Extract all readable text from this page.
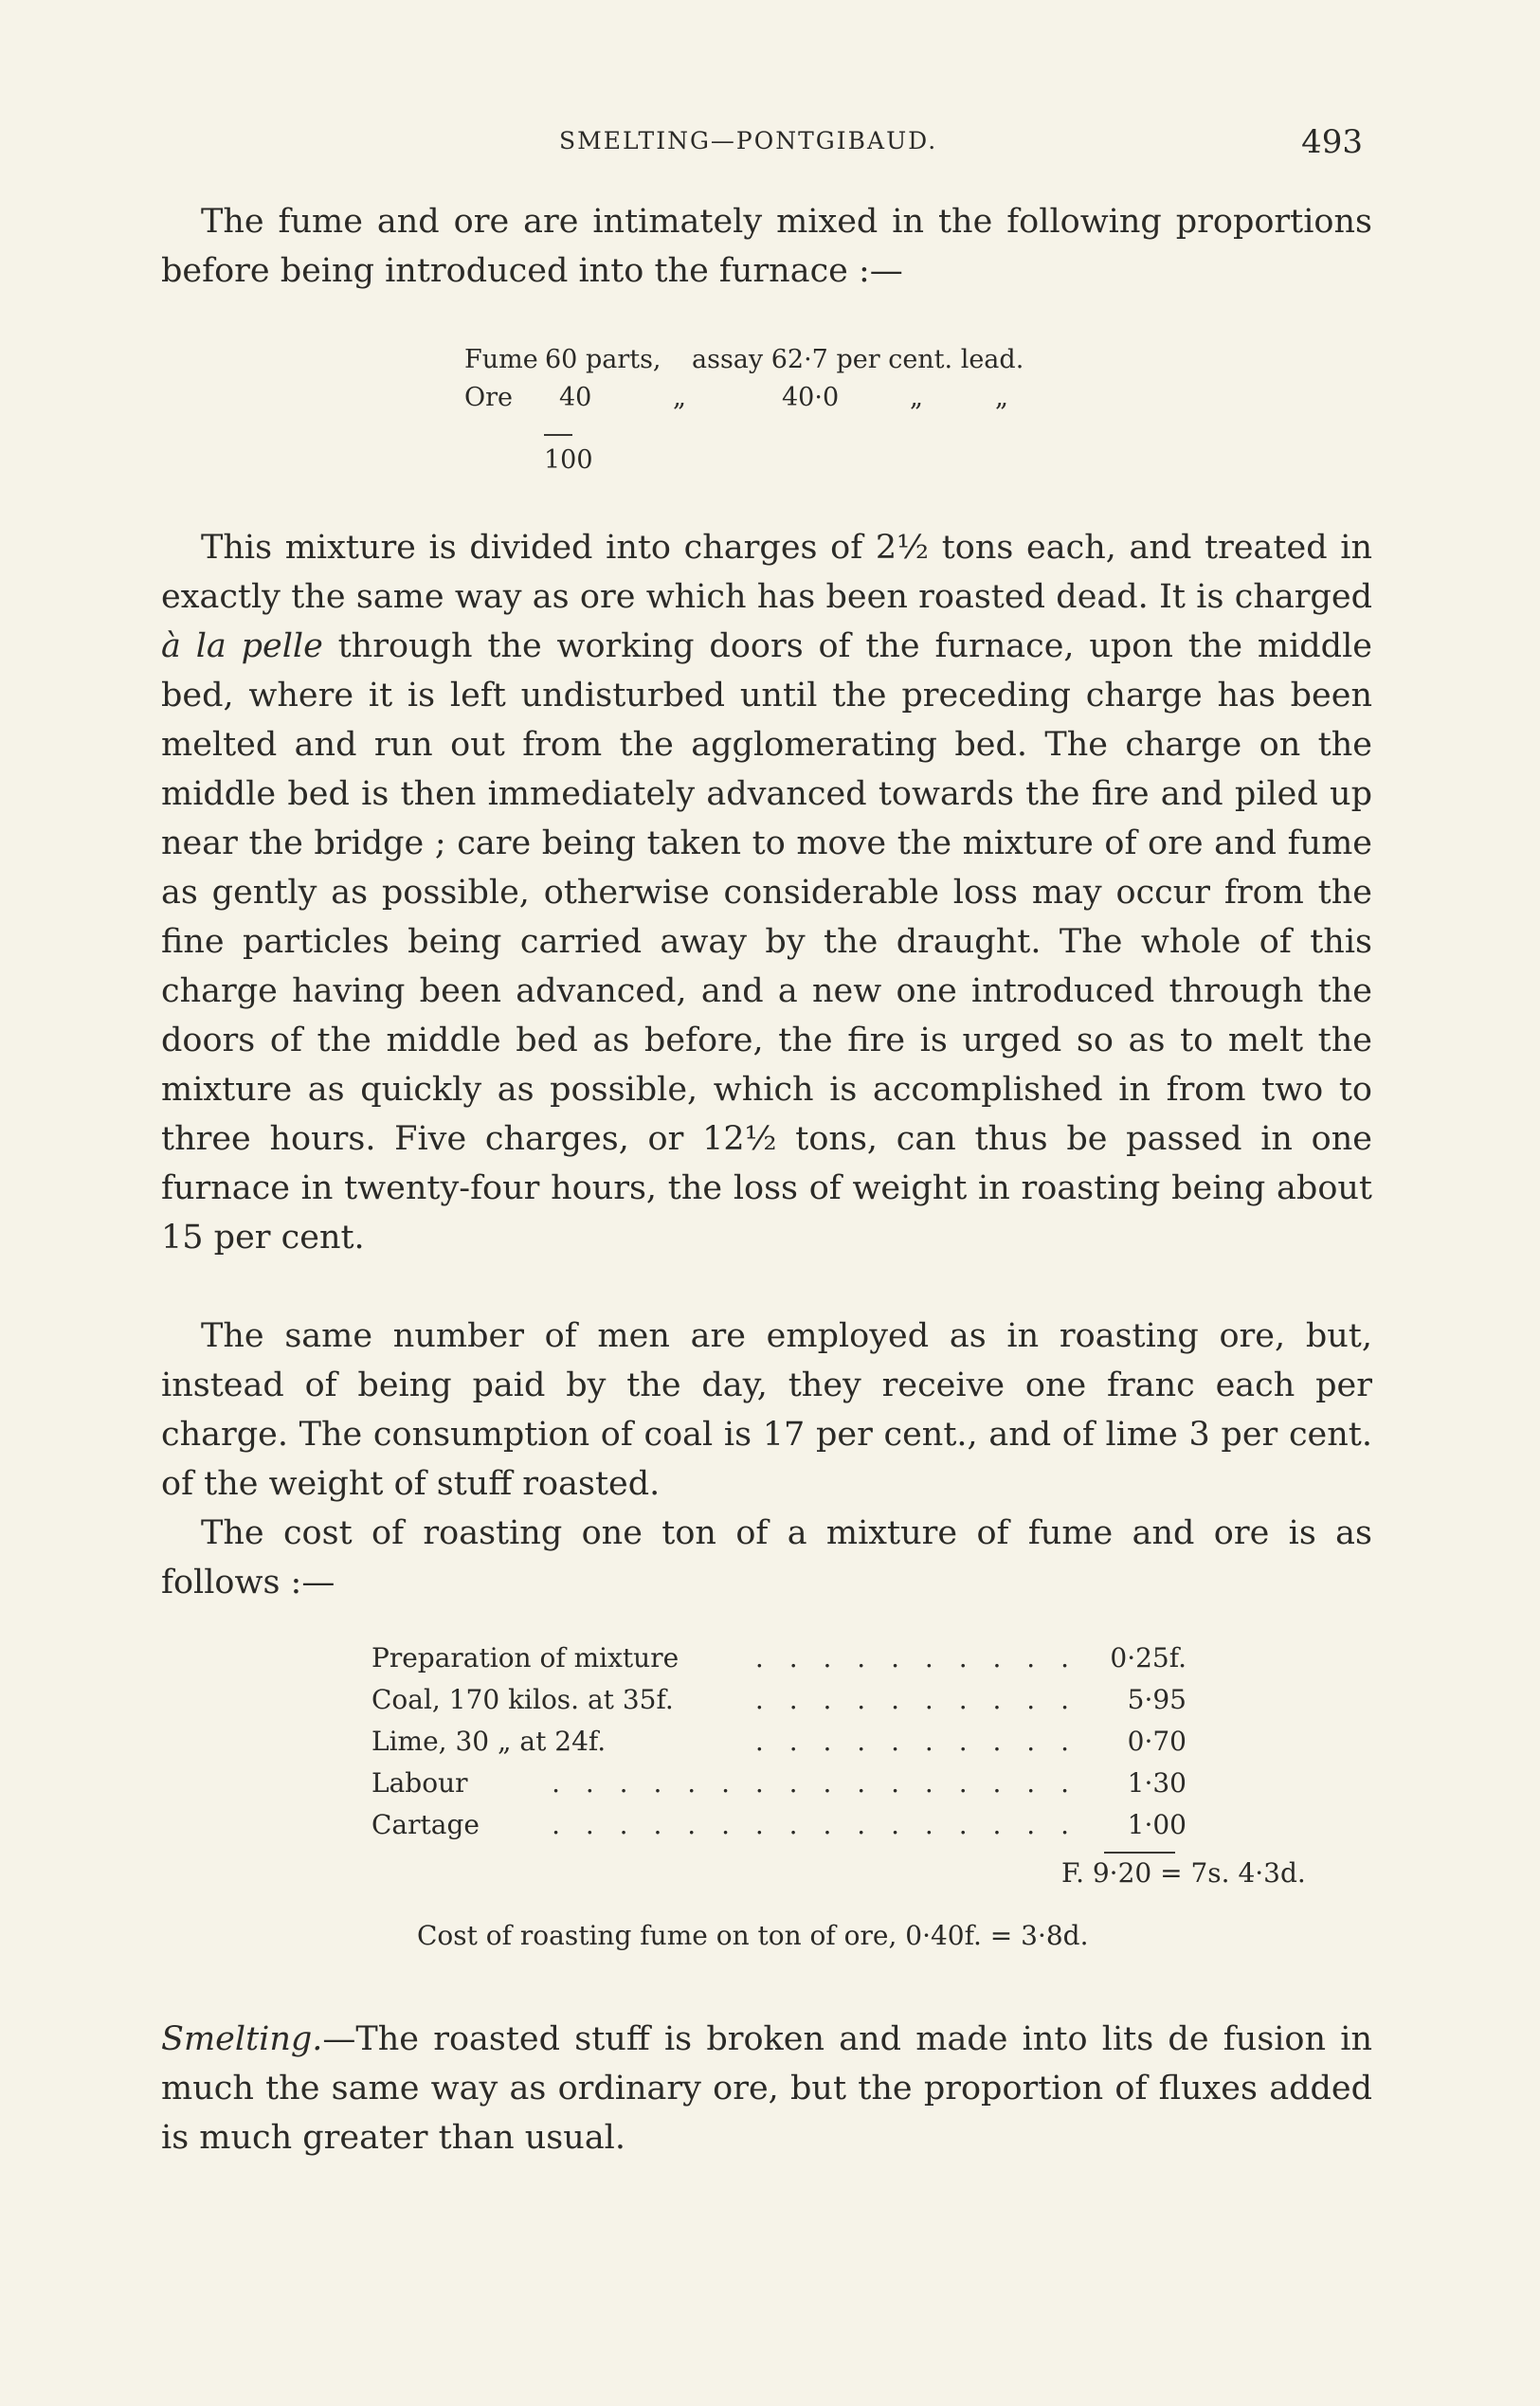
SMELTING—PONTGIBAUD.	493

The fume and ore are intimately mixed in the following proportions before being introduced into the furnace :—

Fume 60 parts, assay 62·7 per cent. lead.
Ore 40	„	40·0	„	„
100

This mixture is divided into charges of 2½ tons each, and treated in exactly the same way as ore which has been roasted dead. It is charged à la pelle through the working doors of the furnace, upon the middle bed, where it is left undisturbed until the preceding charge has been melted and run out from the agglomerating bed. The charge on the middle bed is then immediately advanced towards the fire and piled up near the bridge ; care being taken to move the mixture of ore and fume as gently as possible, otherwise considerable loss may occur from the fine particles being carried away by the draught. The whole of this charge having been advanced, and a new one introduced through the doors of the middle bed as before, the fire is urged so as to melt the mixture as quickly as possible, which is accomplished in from two to three hours. Five charges, or 12½ tons, can thus be passed in one furnace in twenty-four hours, the loss of weight in roasting being about 15 per cent.

The same number of men are employed as in roasting ore, but, instead of being paid by the day, they receive one franc each per charge. The consumption of coal is 17 per cent., and of lime 3 per cent. of the weight of stuff roasted.

The cost of roasting one ton of a mixture of fume and ore is as follows :—

Preparation of mixture	. . . . . . . . . . 0·25f.
Coal, 170 kilos. at 35f.	. . . . . . . . . . 5·95
Lime, 30 „ at 24f.	. . . . . . . . . . 0·70
Labour	. . . . . . . . . . . . . . . . 1·30
Cartage	. . . . . . . . . . . . . . . . 1·00
F. 9·20 = 7s. 4·3d.
Cost of roasting fume on ton of ore, 0·40f. = 3·8d.

Smelting.—The roasted stuff is broken and made into lits de fusion in much the same way as ordinary ore, but the proportion of fluxes added is much greater than usual.
